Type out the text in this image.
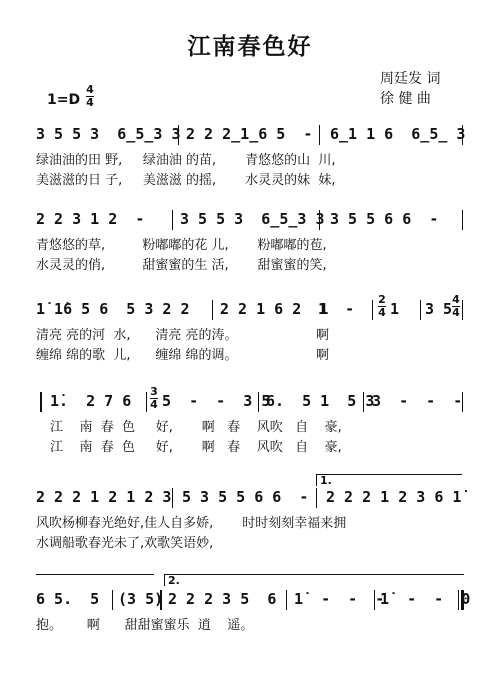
江南春色好
周廷发 词
徐 健 曲
1=D
4
4
3 5 5 3  6̲5̲3 3 2 2 2̲1̲6 5  - 6̲1 1 6  6̲5̲ 3
绿油油的田 野,     绿油油 的苗,       青悠悠的山  川,
美滋滋的日 子,     美滋滋 的摇,       水灵灵的妹  妹,
2 2 3 1 2  - 3 5 5 3  6̲5̲3 3 3 5 5 6 6  -
青悠悠的草,         粉嘟嘟的花 儿,       粉嘟嘟的苞,
水灵灵的俏,         甜蜜蜜的生 活,       甜蜜蜜的笑,
1̇ 1̇6 5 6  5 3 2 2 2 2 1 6 2  1
1  -
2
4 1 3 5
4
4
清亮 亮的河  水,      清亮 亮的涛。                   啊
缠绵 绵的歌  儿,      缠绵 绵的调。                   啊
3
4
1̇.  2 7 6 5  -  -  3 5
6.  5 1  5 3
3  -  -  -
江    南  春  色     好,       啊   春    风吹   自    豪,
江    南  春  色     好,       啊   春    风吹   自    豪,
1.
2 2 2 1 2 1 2 3 5 3 5 5 6 6  - 2 2 2 1 2 3 6 1̇
风吹杨柳春光绝好,佳人自多娇,       时时刻刻幸福来拥
水调船歌春光未了,欢歌笑语妙,
2.
6 5.  5 (3 5) 2 2 2 3 5  6 1̇  -  -  -
1̇  -  -  0
抱。      啊      甜甜蜜蜜乐  逍    遥。
